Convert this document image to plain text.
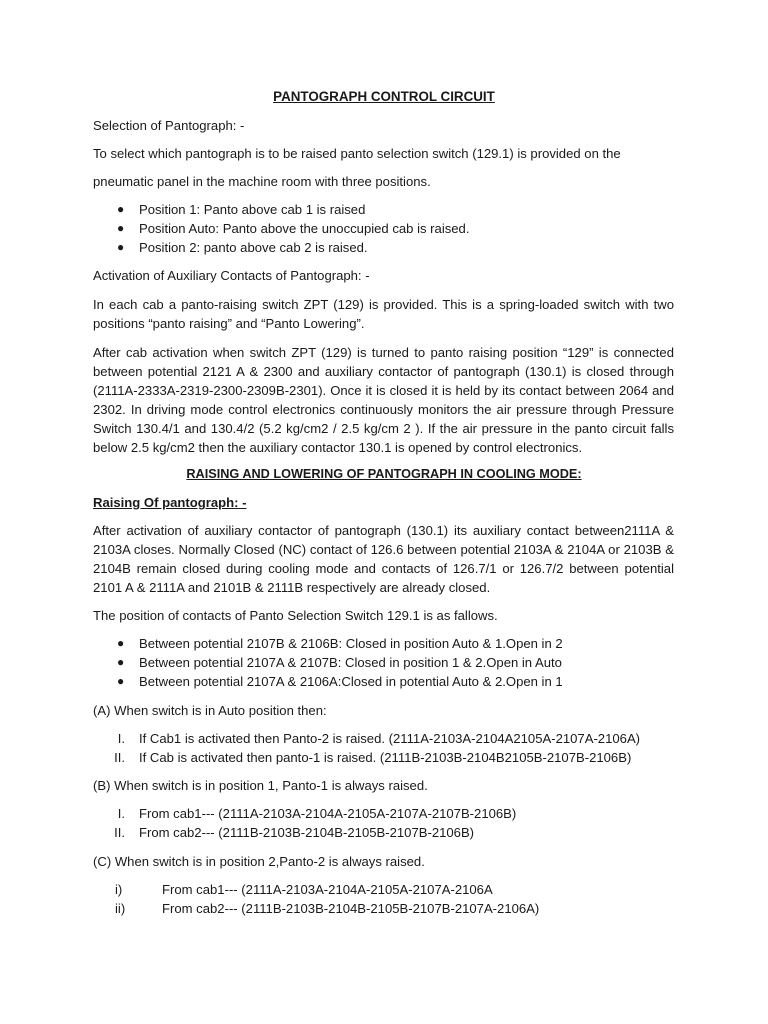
PANTOGRAPH CONTROL CIRCUIT
Selection of Pantograph: -
To select which pantograph is to be raised panto selection switch (129.1) is provided on the
pneumatic panel in the machine room with three positions.
● Position 1: Panto above cab 1 is raised
● Position Auto: Panto above the unoccupied cab is raised.
● Position 2: panto above cab 2 is raised.
Activation of Auxiliary Contacts of Pantograph: -
In each cab a panto-raising switch ZPT (129) is provided. This is a spring-loaded switch with two positions “panto raising” and “Panto Lowering”.
After cab activation when switch ZPT (129) is turned to panto raising position “129” is connected between potential 2121 A & 2300 and auxiliary contactor of pantograph (130.1) is closed through (2111A-2333A-2319-2300-2309B-2301). Once it is closed it is held by its contact between 2064 and 2302. In driving mode control electronics continuously monitors the air pressure through Pressure Switch 130.4/1 and 130.4/2 (5.2 kg/cm2 / 2.5 kg/cm 2 ). If the air pressure in the panto circuit falls below 2.5 kg/cm2 then the auxiliary contactor 130.1 is opened by control electronics.
RAISING AND LOWERING OF PANTOGRAPH IN COOLING MODE:
Raising Of pantograph: -
After activation of auxiliary contactor of pantograph (130.1) its auxiliary contact between2111A & 2103A closes. Normally Closed (NC) contact of 126.6 between potential 2103A & 2104A or 2103B & 2104B remain closed during cooling mode and contacts of 126.7/1 or 126.7/2 between potential 2101 A & 2111A and 2101B & 2111B respectively are already closed.
The position of contacts of Panto Selection Switch 129.1 is as fallows.
● Between potential 2107B & 2106B: Closed in position Auto & 1.Open in 2
● Between potential 2107A & 2107B: Closed in position 1 & 2.Open in Auto
● Between potential 2107A & 2106A:Closed in potential Auto & 2.Open in 1
(A) When switch is in Auto position then:
I. If Cab1 is activated then Panto-2 is raised. (2111A-2103A-2104A2105A-2107A-2106A)
II. If Cab is activated then panto-1 is raised. (2111B-2103B-2104B2105B-2107B-2106B)
(B) When switch is in position 1, Panto-1 is always raised.
I. From cab1--- (2111A-2103A-2104A-2105A-2107A-2107B-2106B)
II. From cab2--- (2111B-2103B-2104B-2105B-2107B-2106B)
(C) When switch is in position 2,Panto-2 is always raised.
i)	From cab1--- (2111A-2103A-2104A-2105A-2107A-2106A
ii)	From cab2--- (2111B-2103B-2104B-2105B-2107B-2107A-2106A)
